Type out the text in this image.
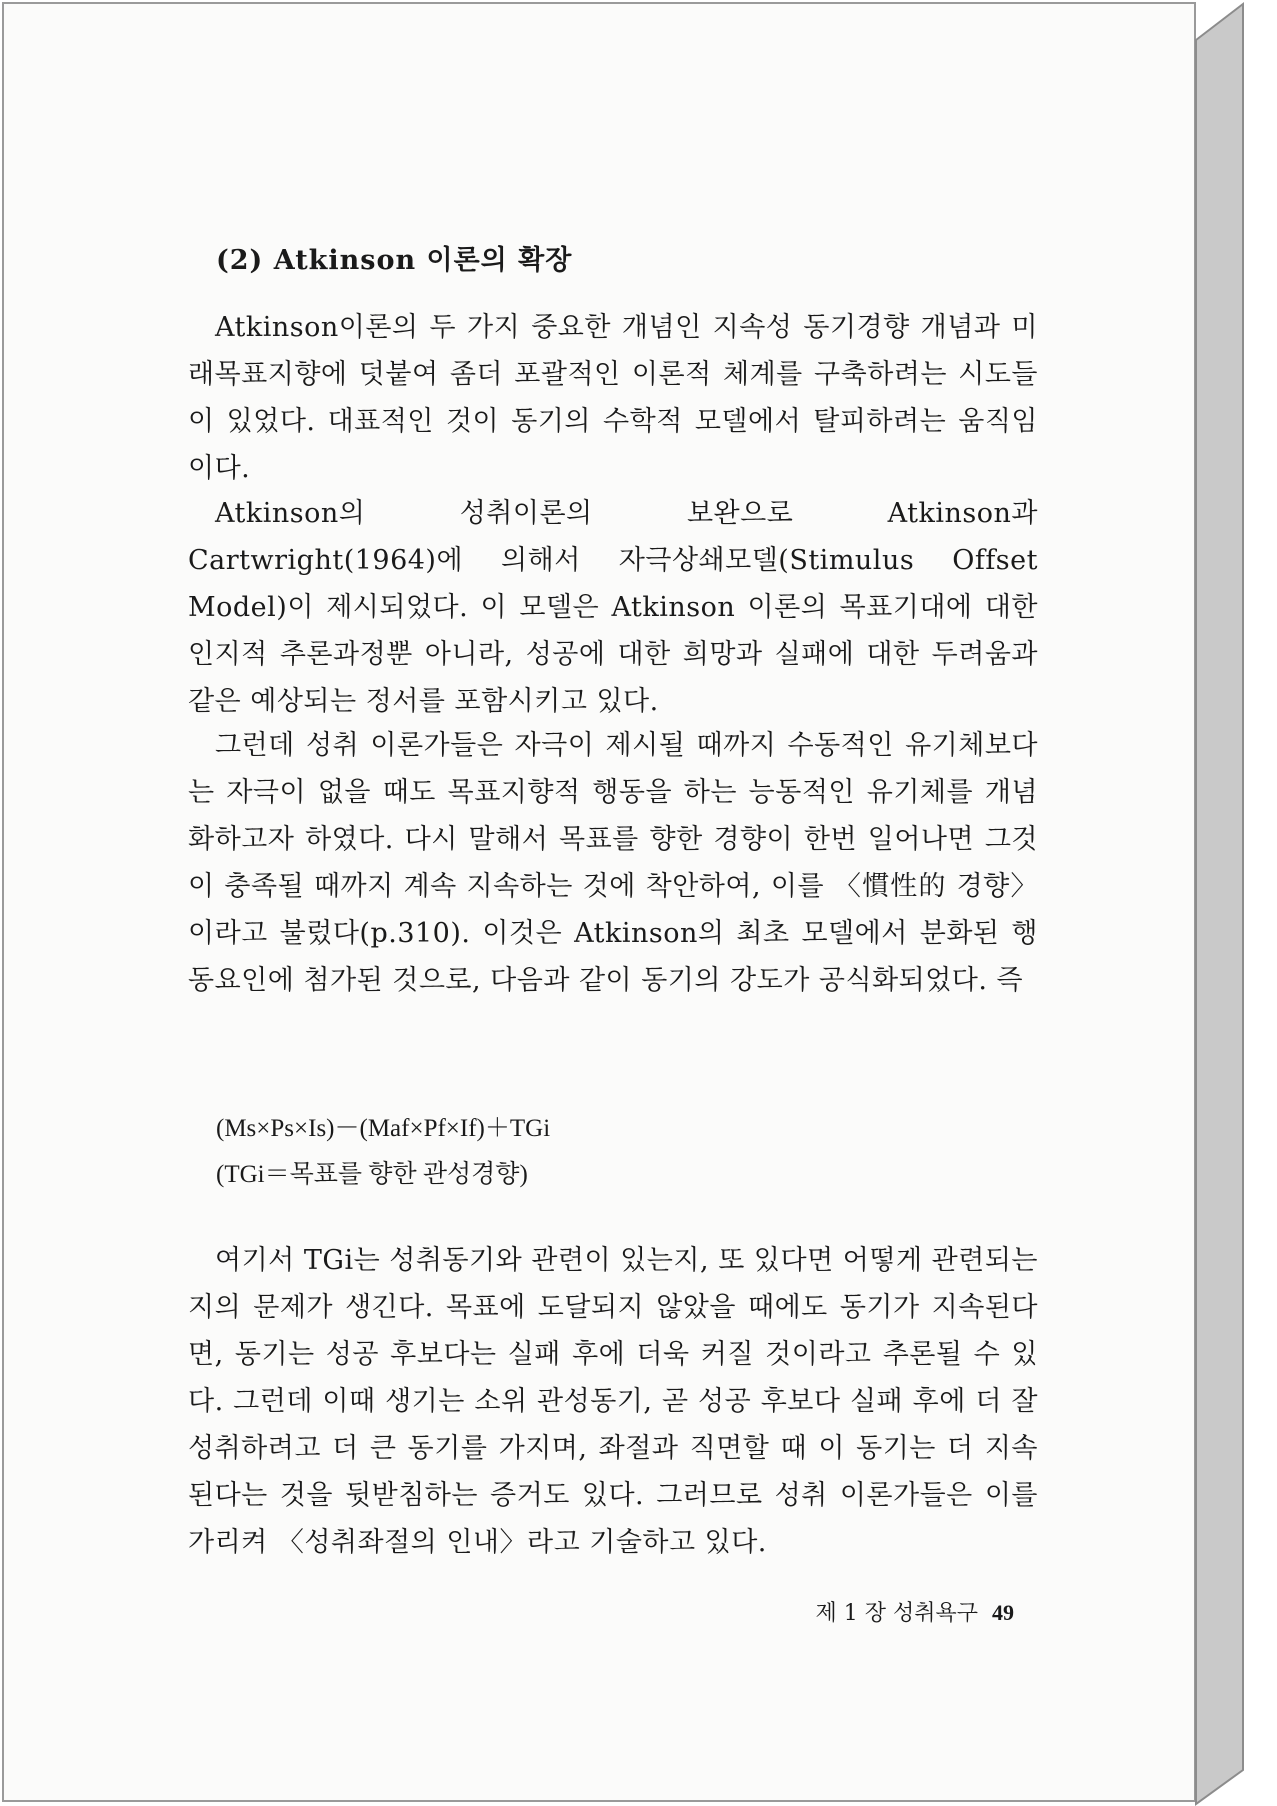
(2) Atkinson 이론의 확장

Atkinson이론의 두 가지 중요한 개념인 지속성 동기경향 개념과 미래목표지향에 덧붙여 좀더 포괄적인 이론적 체계를 구축하려는 시도들이 있었다. 대표적인 것이 동기의 수학적 모델에서 탈피하려는 움직임이다.

Atkinson의 성취이론의 보완으로 Atkinson과 Cartwright(1964)에 의해서 자극상쇄모델(Stimulus Offset Model)이 제시되었다. 이 모델은 Atkinson 이론의 목표기대에 대한 인지적 추론과정뿐 아니라, 성공에 대한 희망과 실패에 대한 두려움과 같은 예상되는 정서를 포함시키고 있다.

그런데 성취 이론가들은 자극이 제시될 때까지 수동적인 유기체보다는 자극이 없을 때도 목표지향적 행동을 하는 능동적인 유기체를 개념화하고자 하였다. 다시 말해서 목표를 향한 경향이 한번 일어나면 그것이 충족될 때까지 계속 지속하는 것에 착안하여, 이를 〈慣性的 경향〉이라고 불렀다(p.310). 이것은 Atkinson의 최초 모델에서 분화된 행동요인에 첨가된 것으로, 다음과 같이 동기의 강도가 공식화되었다. 즉

(Ms×Ps×Is)－(Maf×Pf×If)＋TGi
(TGi＝목표를 향한 관성경향)

여기서 TGi는 성취동기와 관련이 있는지, 또 있다면 어떻게 관련되는지의 문제가 생긴다. 목표에 도달되지 않았을 때에도 동기가 지속된다면, 동기는 성공 후보다는 실패 후에 더욱 커질 것이라고 추론될 수 있다. 그런데 이때 생기는 소위 관성동기, 곧 성공 후보다 실패 후에 더 잘 성취하려고 더 큰 동기를 가지며, 좌절과 직면할 때 이 동기는 더 지속된다는 것을 뒷받침하는 증거도 있다. 그러므로 성취 이론가들은 이를 가리켜 〈성취좌절의 인내〉라고 기술하고 있다.

제 1 장 성취욕구 49
